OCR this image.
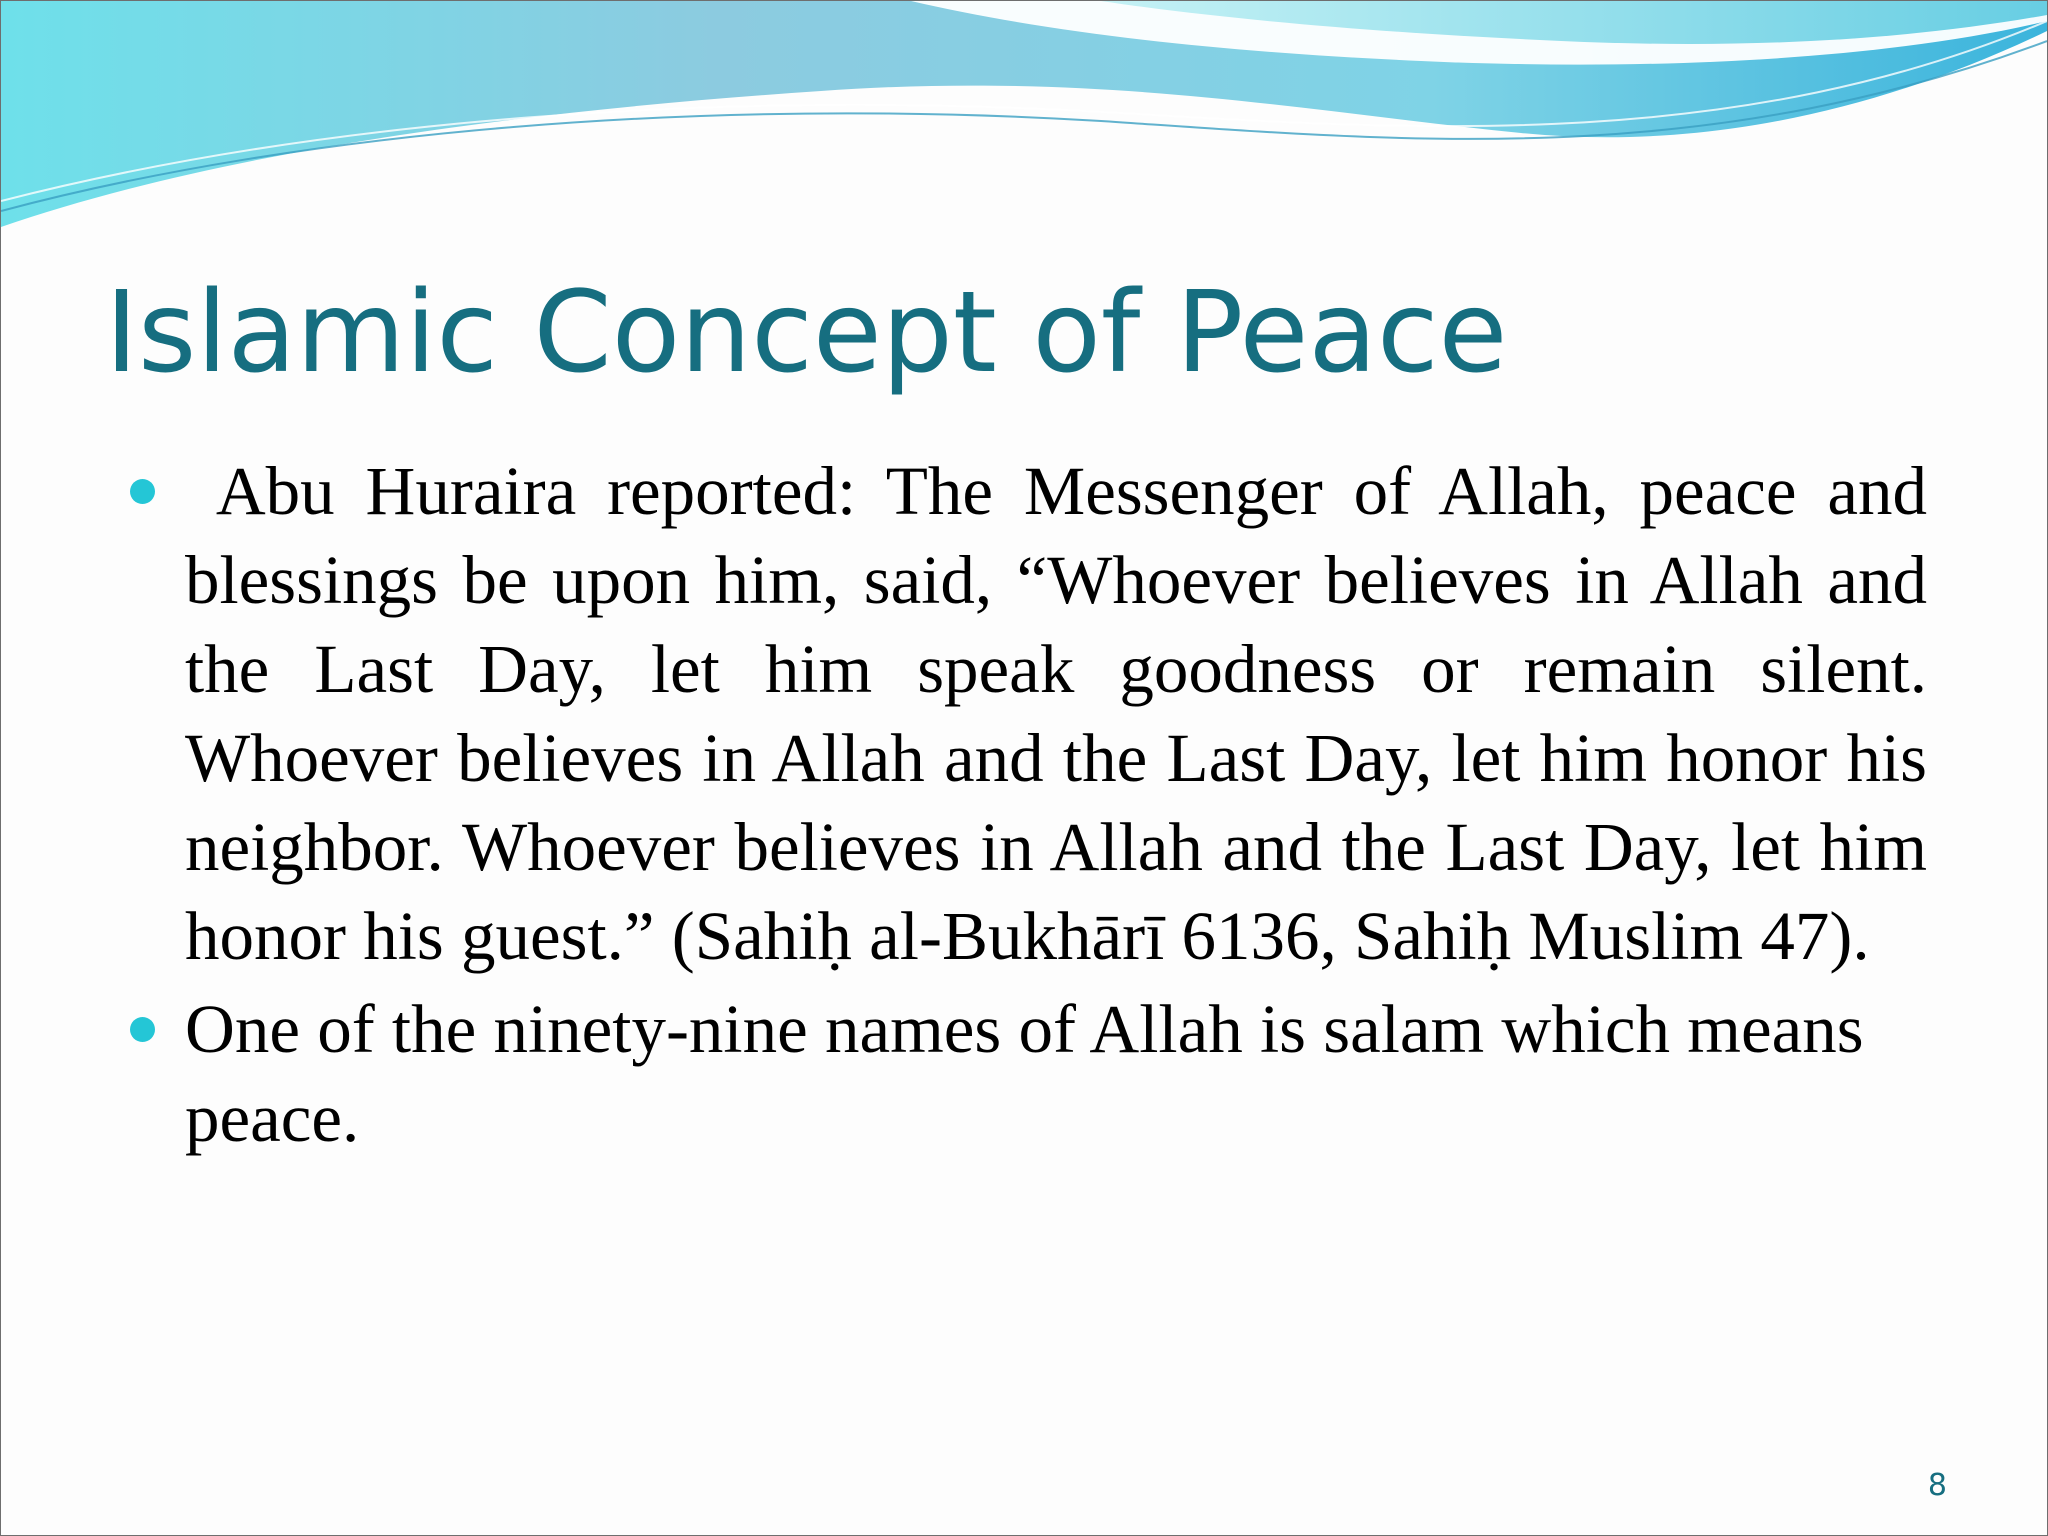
Islamic Concept of Peace
Abu Huraira reported: The Messenger of Allah, peace and blessings be upon him, said, “Whoever believes in Allah and the Last Day, let him speak goodness or remain silent. Whoever believes in Allah and the Last Day, let him honor his neighbor. Whoever believes in Allah and the Last Day, let him honor his guest.” (Sahiḥ al-Bukhārī 6136, Sahiḥ Muslim 47).
One of the ninety-nine names of Allah is salam which means peace.
8
